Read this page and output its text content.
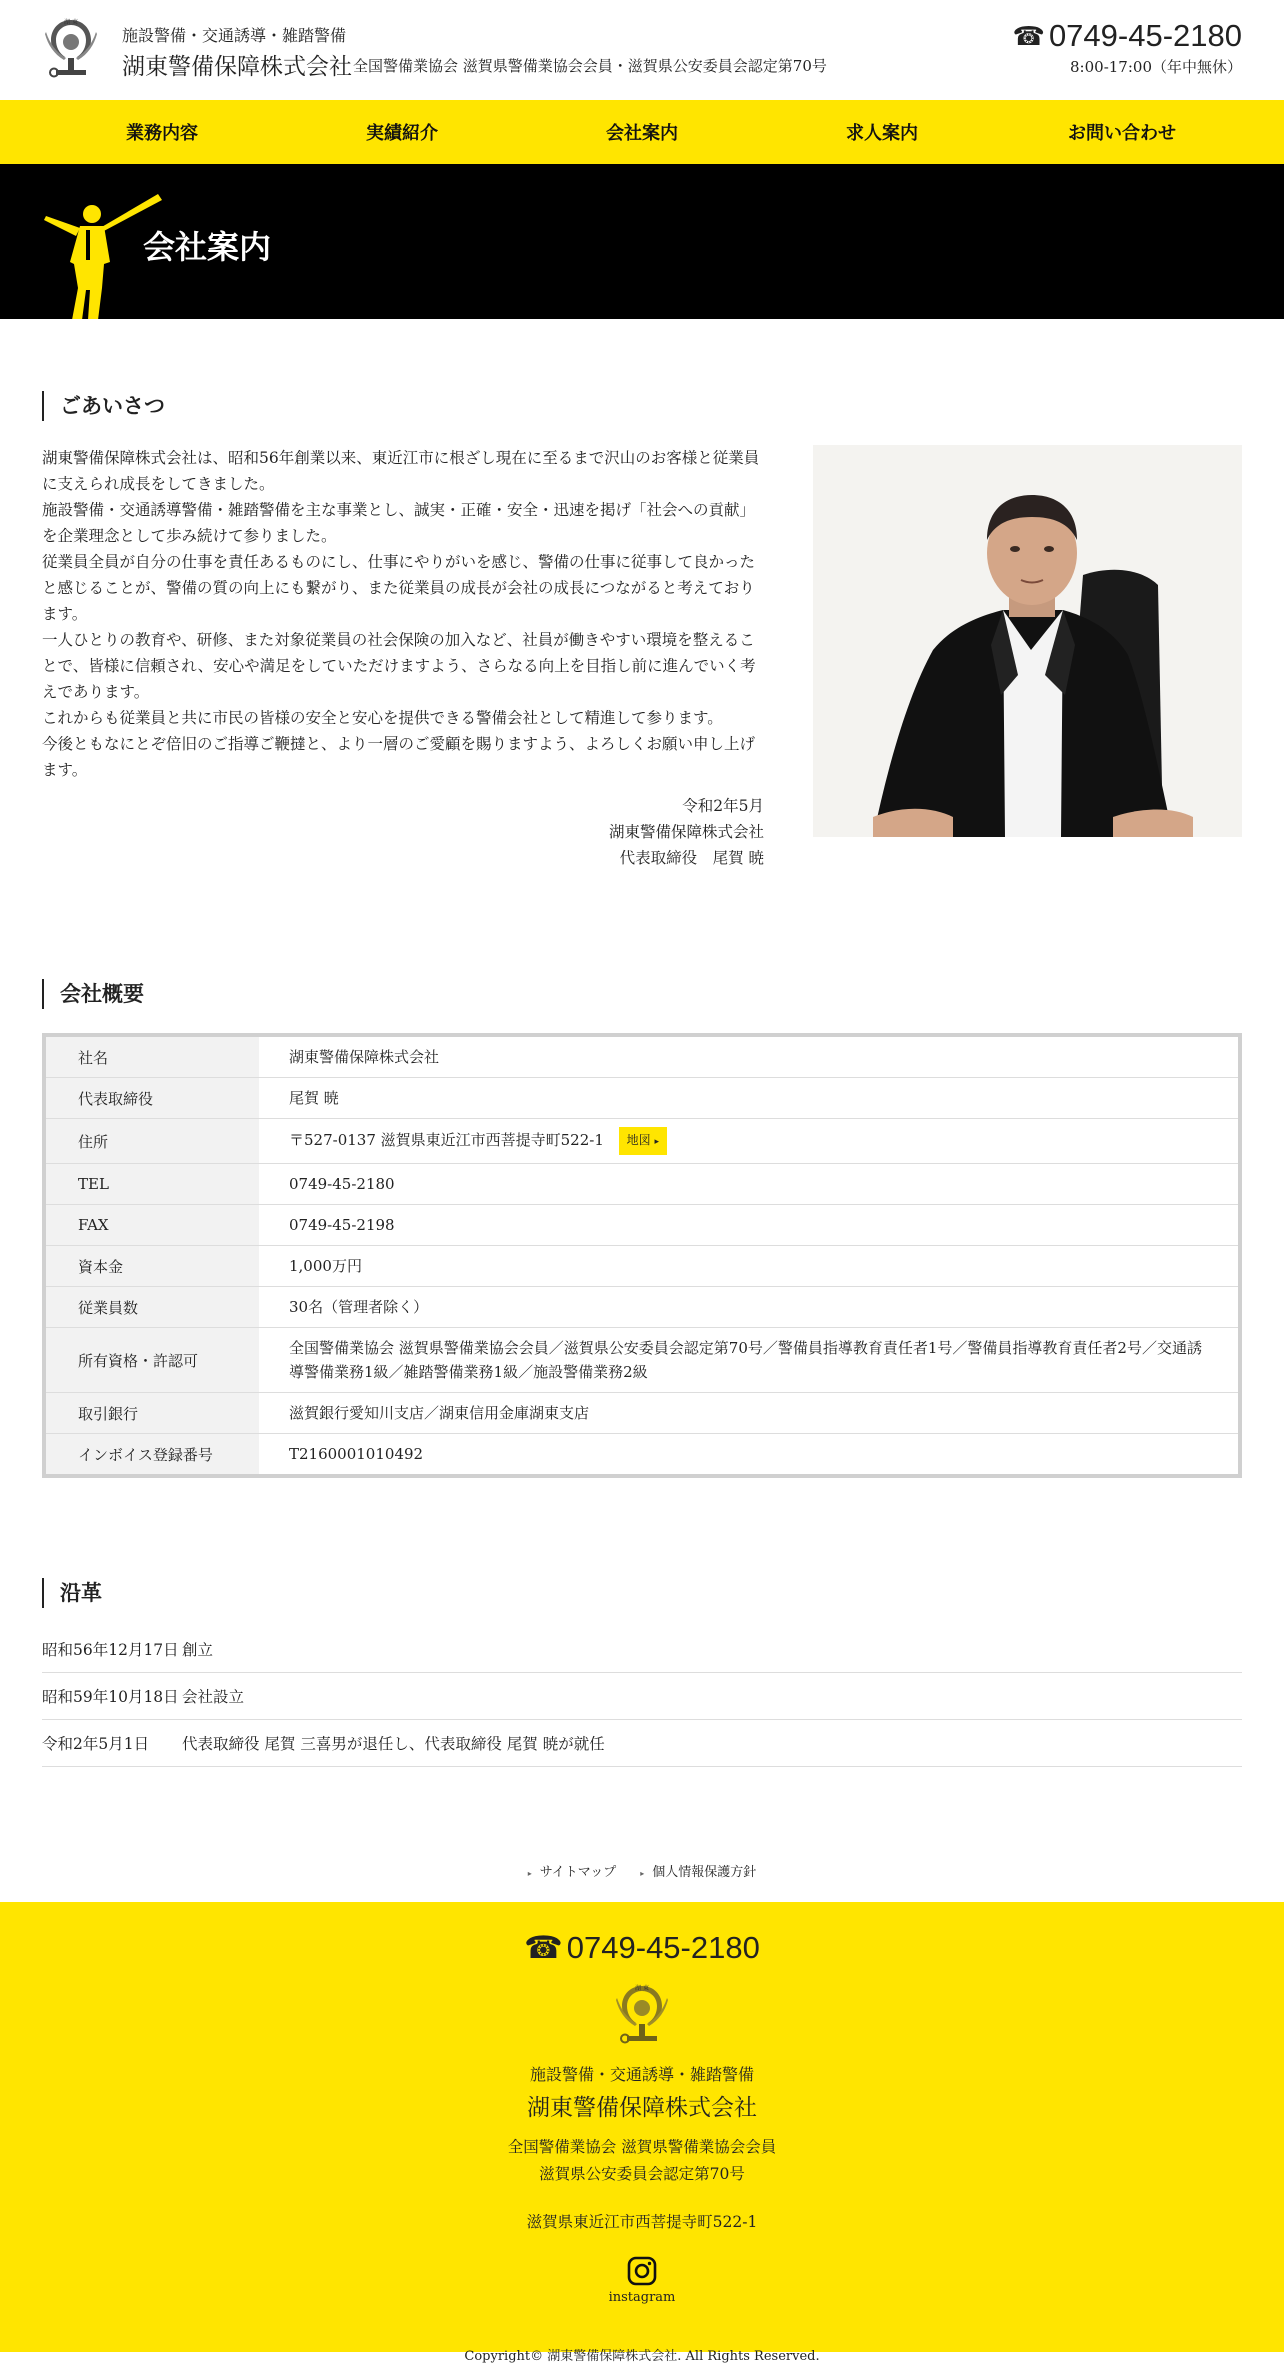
湖 東
施設警備・交通誘導・雑踏警備
湖東警備保障株式会社 全国警備業協会 滋賀県警備業協会会員・滋賀県公安委員会認定第70号
☎ 0749-45-2180
8:00-17:00（年中無休）
業務内容	実績紹介	会社案内	求人案内	お問い合わせ
会社案内
ごあいさつ

湖東警備保障株式会社は、昭和56年創業以来、東近江市に根ざし現在に至るまで沢山のお客様と従業員に支えられ成長をしてきました。

施設警備・交通誘導警備・雑踏警備を主な事業とし、誠実・正確・安全・迅速を掲げ「社会への貢献」を企業理念として歩み続けて参りました。

従業員全員が自分の仕事を責任あるものにし、仕事にやりがいを感じ、警備の仕事に従事して良かったと感じることが、警備の質の向上にも繋がり、また従業員の成長が会社の成長につながると考えております。

一人ひとりの教育や、研修、また対象従業員の社会保険の加入など、社員が働きやすい環境を整えることで、皆様に信頼され、安心や満足をしていただけますよう、さらなる向上を目指し前に進んでいく考えであります。

これからも従業員と共に市民の皆様の安全と安心を提供できる警備会社として精進して参ります。

今後ともなにとぞ倍旧のご指導ご鞭撻と、より一層のご愛顧を賜りますよう、よろしくお願い申し上げます。

令和2年5月
湖東警備保障株式会社
代表取締役　尾賀 暁
会社概要
社名	湖東警備保障株式会社
代表取締役	尾賀 暁
住所	〒527-0137 滋賀県東近江市西菩提寺町522-1 地図 ▸
TEL	0749-45-2180
FAX	0749-45-2198
資本金	1,000万円
従業員数	30名（管理者除く）
所有資格・許認可	全国警備業協会 滋賀県警備業協会会員／滋賀県公安委員会認定第70号／警備員指導教育責任者1号／警備員指導教育責任者2号／交通誘導警備業務1級／雑踏警備業務1級／施設警備業務2級
取引銀行	滋賀銀行愛知川支店／湖東信用金庫湖東支店
インボイス登録番号	T2160001010492
沿革
昭和56年12月17日 創立
昭和59年10月18日 会社設立
令和2年5月1日	代表取締役 尾賀 三喜男が退任し、代表取締役 尾賀 暁が就任
▸ サイトマップ	▸ 個人情報保護方針
☎ 0749-45-2180
湖 東
施設警備・交通誘導・雑踏警備
湖東警備保障株式会社
全国警備業協会 滋賀県警備業協会会員
滋賀県公安委員会認定第70号
滋賀県東近江市西菩提寺町522-1
instagram
Copyright© 湖東警備保障株式会社. All Rights Reserved.
